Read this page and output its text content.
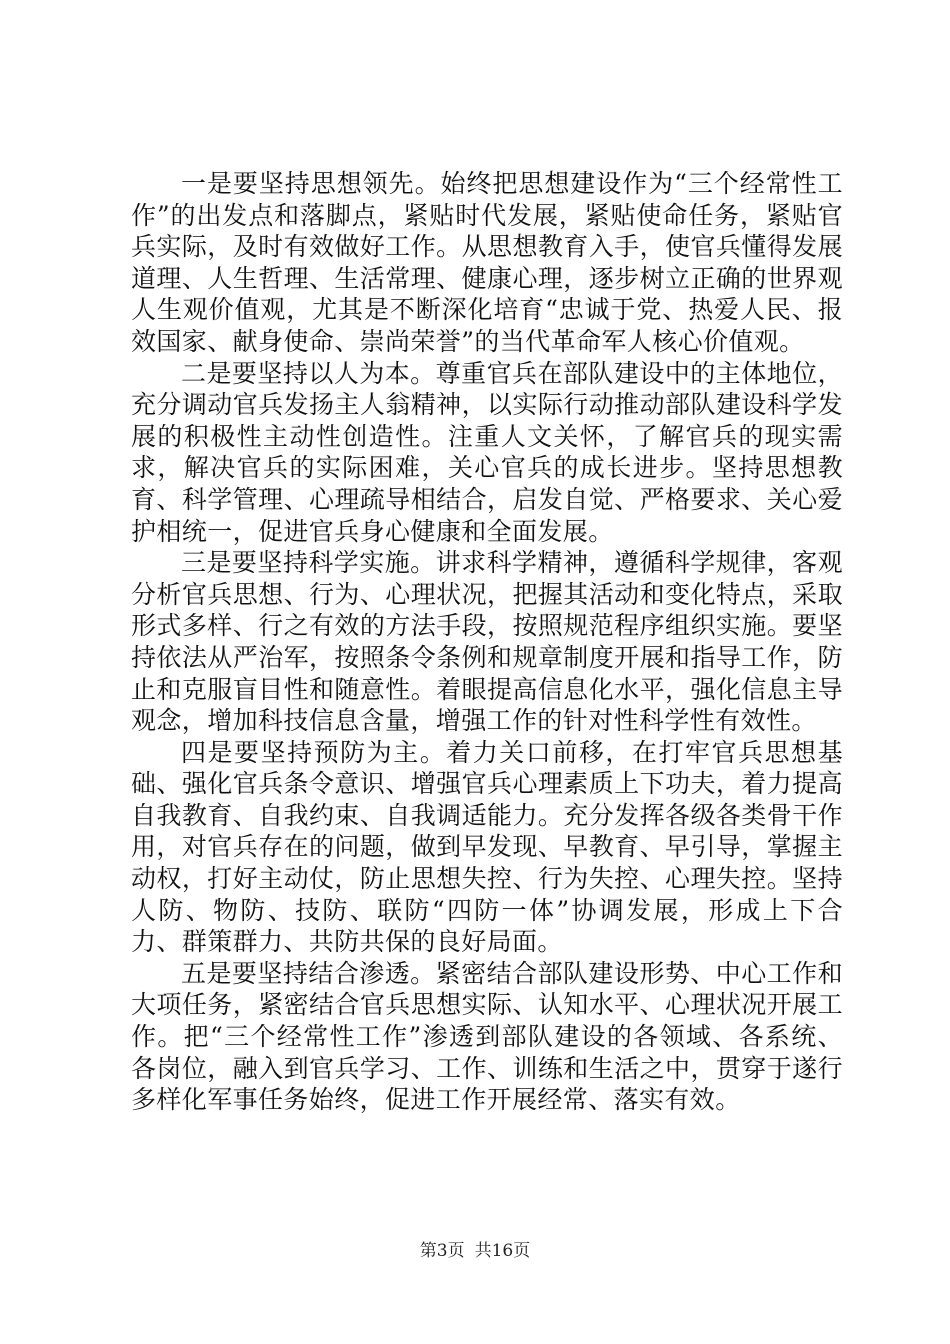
一是要坚持思想领先。始终把思想建设作为“三个经常性工作”的出发点和落脚点，紧贴时代发展，紧贴使命任务，紧贴官兵实际，及时有效做好工作。从思想教育入手，使官兵懂得发展道理、人生哲理、生活常理、健康心理，逐步树立正确的世界观人生观价值观，尤其是不断深化培育“忠诚于党、热爱人民、报效国家、献身使命、崇尚荣誉”的当代革命军人核心价值观。

二是要坚持以人为本。尊重官兵在部队建设中的主体地位，充分调动官兵发扬主人翁精神，以实际行动推动部队建设科学发展的积极性主动性创造性。注重人文关怀，了解官兵的现实需求，解决官兵的实际困难，关心官兵的成长进步。坚持思想教育、科学管理、心理疏导相结合，启发自觉、严格要求、关心爱护相统一，促进官兵身心健康和全面发展。

三是要坚持科学实施。讲求科学精神，遵循科学规律，客观分析官兵思想、行为、心理状况，把握其活动和变化特点，采取形式多样、行之有效的方法手段，按照规范程序组织实施。要坚持依法从严治军，按照条令条例和规章制度开展和指导工作，防止和克服盲目性和随意性。着眼提高信息化水平，强化信息主导观念，增加科技信息含量，增强工作的针对性科学性有效性。

四是要坚持预防为主。着力关口前移，在打牢官兵思想基础、强化官兵条令意识、增强官兵心理素质上下功夫，着力提高自我教育、自我约束、自我调适能力。充分发挥各级各类骨干作用，对官兵存在的问题，做到早发现、早教育、早引导，掌握主动权，打好主动仗，防止思想失控、行为失控、心理失控。坚持人防、物防、技防、联防“四防一体”协调发展，形成上下合力、群策群力、共防共保的良好局面。

五是要坚持结合渗透。紧密结合部队建设形势、中心工作和大项任务，紧密结合官兵思想实际、认知水平、心理状况开展工作。把“三个经常性工作”渗透到部队建设的各领域、各系统、各岗位，融入到官兵学习、工作、训练和生活之中，贯穿于遂行多样化军事任务始终，促进工作开展经常、落实有效。

第3页 共16页
